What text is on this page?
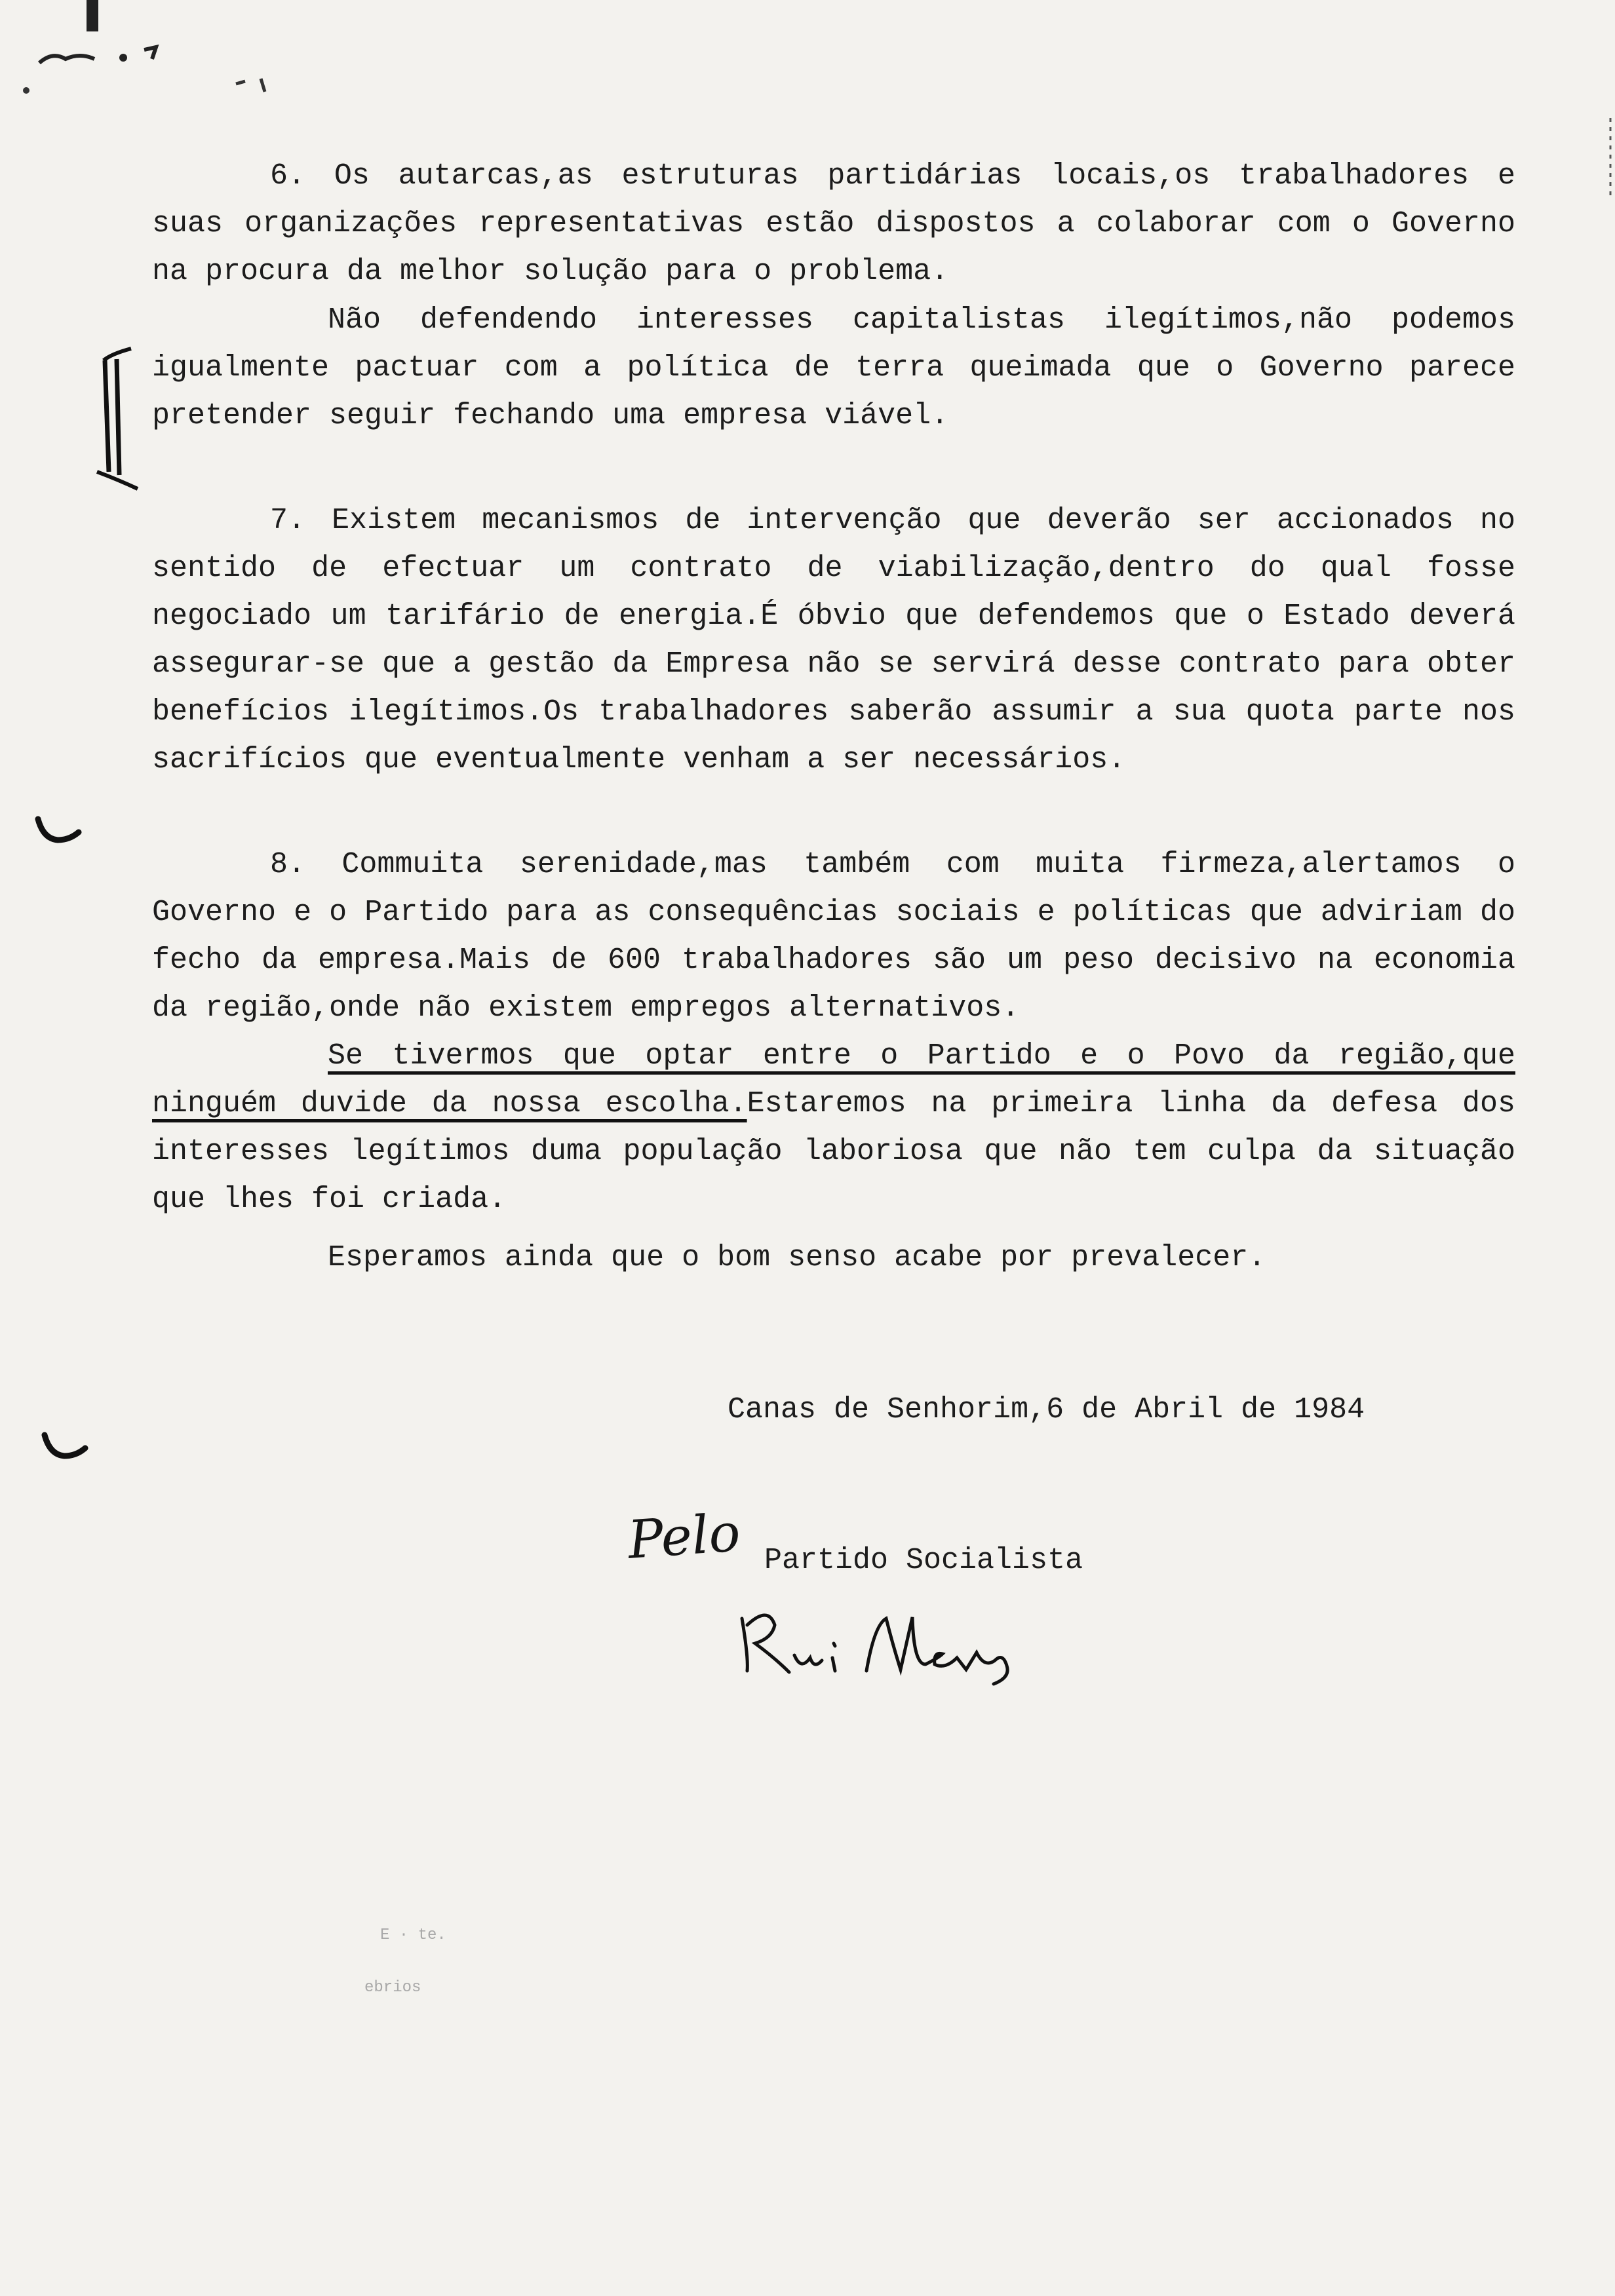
6. Os autarcas,as estruturas partidárias locais,os trabalhadores e suas organizações representativas estão dispostos a colaborar com o Governo na procura da melhor solução para o problema.

Não defendendo interesses capitalistas ilegítimos,não podemos igualmente pactuar com a política de terra queimada que o Governo parece pretender seguir fechando uma empresa viável.

7. Existem mecanismos de intervenção que deverão ser accionados no sentido de efectuar um contrato de viabilização,dentro do qual fosse negociado um tarifário de energia.É óbvio que defendemos que o Estado deverá assegurar-se que a gestão da Empresa não se servirá desse contrato para obter benefícios ilegítimos.Os trabalhadores saberão assumir a sua quota parte nos sacrifícios que eventualmente venham a ser necessários.

8. Commuita serenidade,mas também com muita firmeza,alertamos o Governo e o Partido para as consequências sociais e políticas que adviriam do fecho da empresa.Mais de 600 trabalhadores são um peso decisivo na economia da região,onde não existem empregos alternativos.

Se tivermos que optar entre o Partido e o Povo da região,que ninguém duvide da nossa escolha.Estaremos na primeira linha da defesa dos interesses legítimos duma população laboriosa que não tem culpa da situação que lhes foi criada.

Esperamos ainda que o bom senso acabe por prevalecer.

Canas de Senhorim,6 de Abril de 1984
Pelo Partido Socialista
E · te.
ebrios
